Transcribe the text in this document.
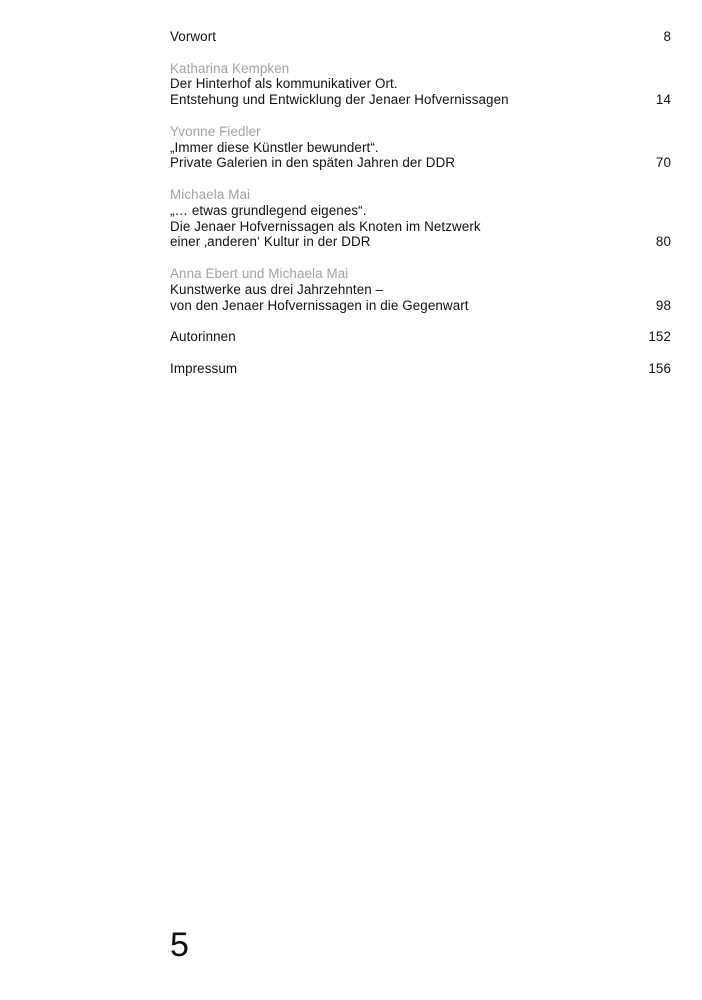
Vorwort	8
Katharina Kempken
Der Hinterhof als kommunikativer Ort.
Entstehung und Entwicklung der Jenaer Hofvernissagen	14
Yvonne Fiedler
„Immer diese Künstler bewundert“.
Private Galerien in den späten Jahren der DDR	70
Michaela Mai
„… etwas grundlegend eigenes“.
Die Jenaer Hofvernissagen als Knoten im Netzwerk
einer ‚anderen‘ Kultur in der DDR	80
Anna Ebert und Michaela Mai
Kunstwerke aus drei Jahrzehnten –
von den Jenaer Hofvernissagen in die Gegenwart	98
Autorinnen	152
Impressum	156
5
